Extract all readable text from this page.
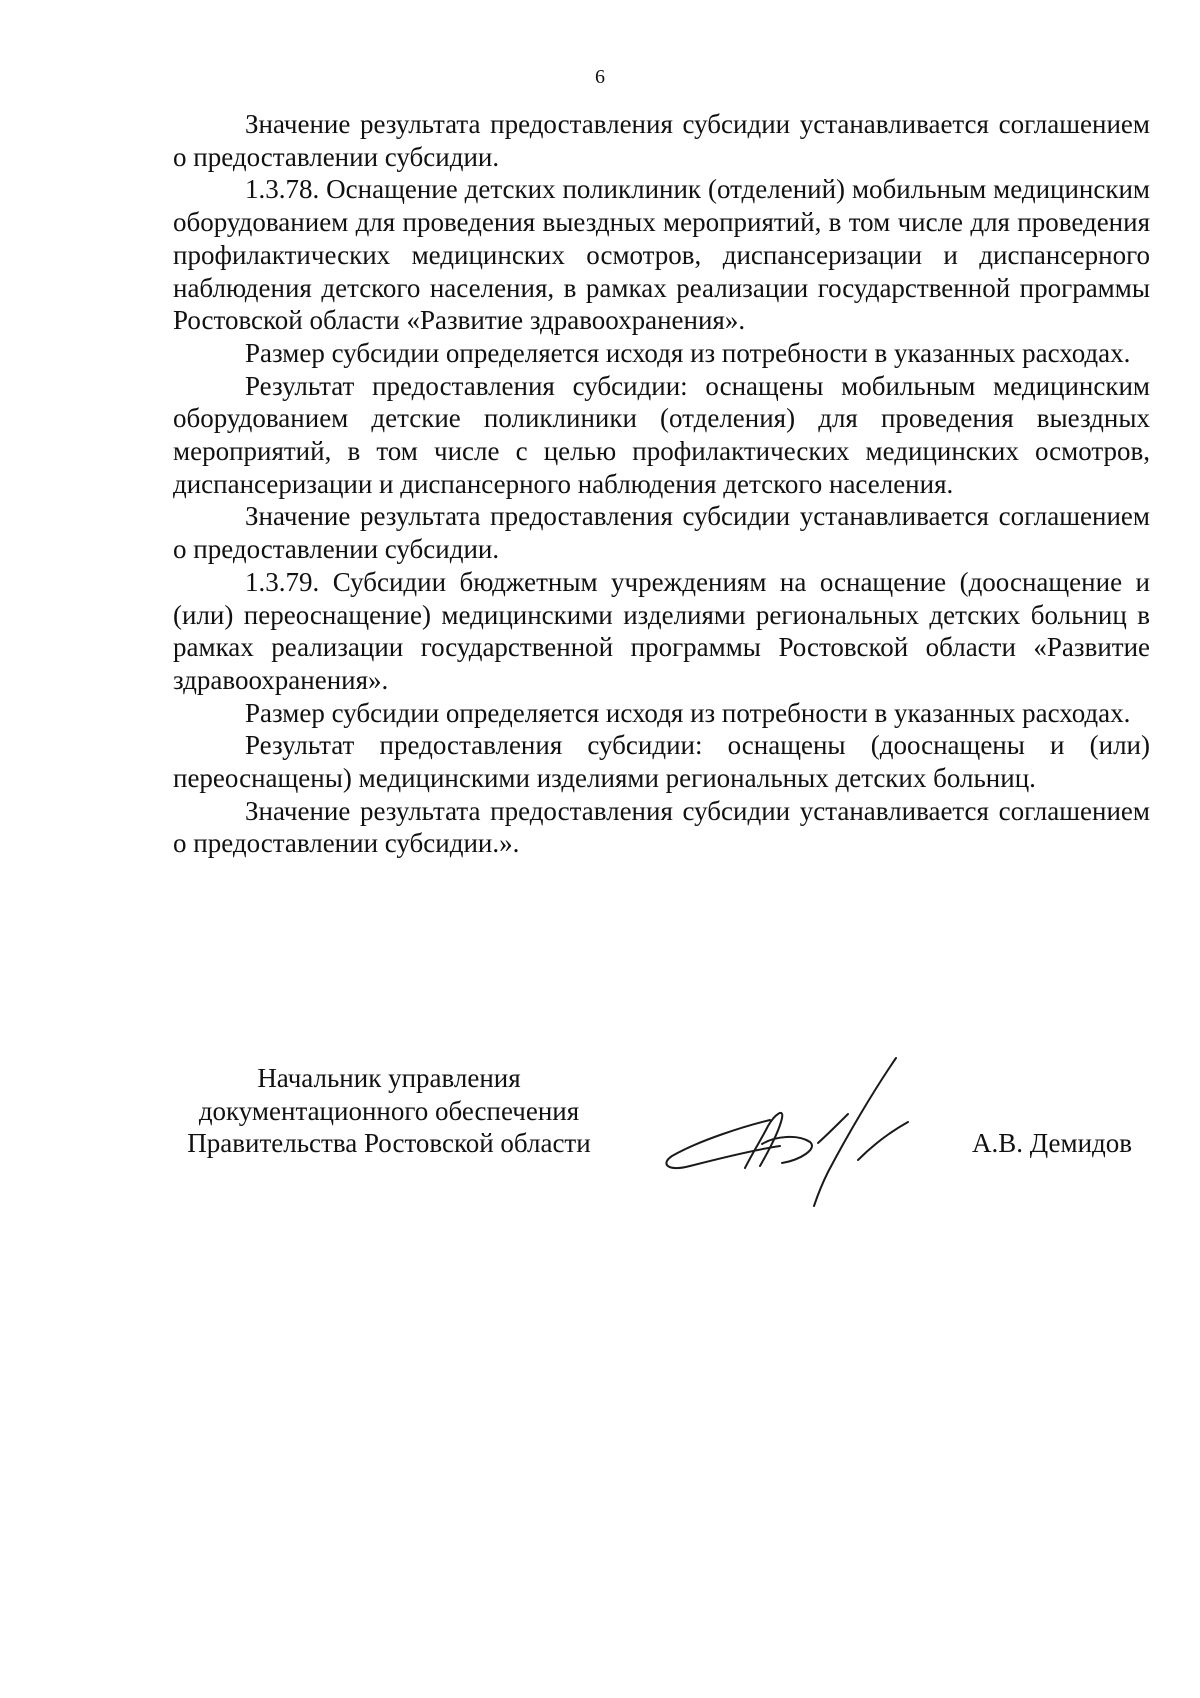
6

Значение результата предоставления субсидии устанавливается соглашением о предоставлении субсидии.

1.3.78. Оснащение детских поликлиник (отделений) мобильным медицинским оборудованием для проведения выездных мероприятий, в том числе для проведения профилактических медицинских осмотров, диспансеризации и диспансерного наблюдения детского населения, в рамках реализации государственной программы Ростовской области «Развитие здравоохранения».

Размер субсидии определяется исходя из потребности в указанных расходах.

Результат предоставления субсидии: оснащены мобильным медицинским оборудованием детские поликлиники (отделения) для проведения выездных мероприятий, в том числе с целью профилактических медицинских осмотров, диспансеризации и диспансерного наблюдения детского населения.

Значение результата предоставления субсидии устанавливается соглашением о предоставлении субсидии.

1.3.79. Субсидии бюджетным учреждениям на оснащение (дооснащение и (или) переоснащение) медицинскими изделиями региональных детских больниц в рамках реализации государственной программы Ростовской области «Развитие здравоохранения».

Размер субсидии определяется исходя из потребности в указанных расходах.

Результат предоставления субсидии: оснащены (дооснащены и (или) переоснащены) медицинскими изделиями региональных детских больниц.

Значение результата предоставления субсидии устанавливается соглашением о предоставлении субсидии.».

Начальник управления
документационного обеспечения
Правительства Ростовской области	А.В. Демидов
